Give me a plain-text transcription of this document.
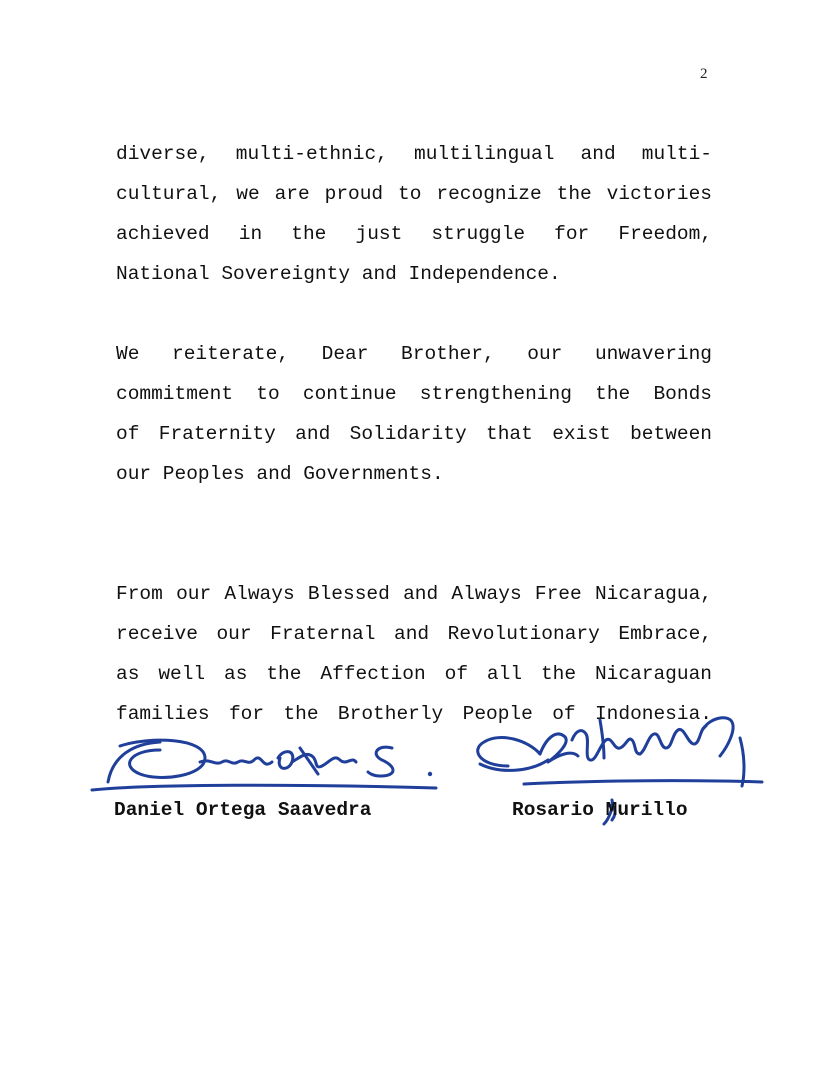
2
diverse, multi-ethnic, multilingual and multi-
cultural, we are proud to recognize the victories
achieved in the just struggle for Freedom,
National Sovereignty and Independence.
We reiterate, Dear Brother, our unwavering
commitment to continue strengthening the Bonds
of Fraternity and Solidarity that exist between
our Peoples and Governments.
From our Always Blessed and Always Free Nicaragua,
receive our Fraternal and Revolutionary Embrace,
as well as the Affection of all the Nicaraguan
families for the Brotherly People of Indonesia.
Daniel Ortega Saavedra	Rosario Murillo
